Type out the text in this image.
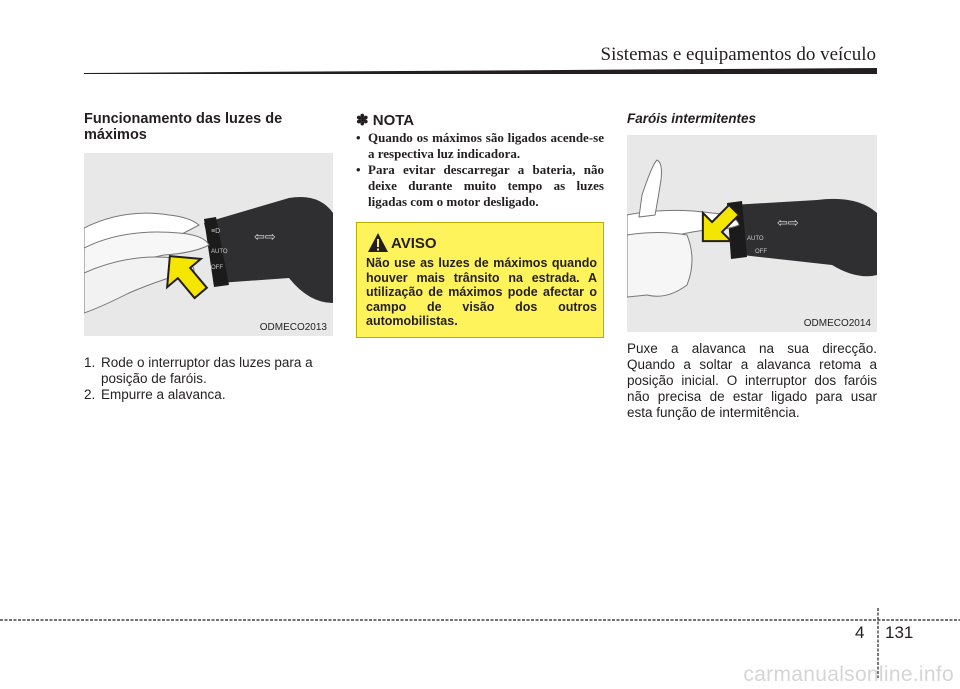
Sistemas e equipamentos do veículo
Funcionamento das luzes de máximos
⇦⇨
≡D
AUTO
OFF
ODMECO2013
1. Rode o interruptor das luzes para a posição de faróis.
2. Empurre a alavanca.
✽ NOTA
• Quando os máximos são ligados acende-se a respectiva luz indicadora.
• Para evitar descarregar a bateria, não deixe durante muito tempo as luzes ligadas com o motor desligado.
AVISO
Não use as luzes de máximos quando houver mais trânsito na estrada. A utilização de máximos pode afectar o campo de visão dos outros automobilistas.
Faróis intermitentes
⇦⇨
AUTO
OFF
ODMECO2014
Puxe a alavanca na sua direcção. Quando a soltar a alavanca retoma a posição inicial. O interruptor dos faróis não precisa de estar ligado para usar esta função de intermitência.
4 131
carmanualsonline.info
